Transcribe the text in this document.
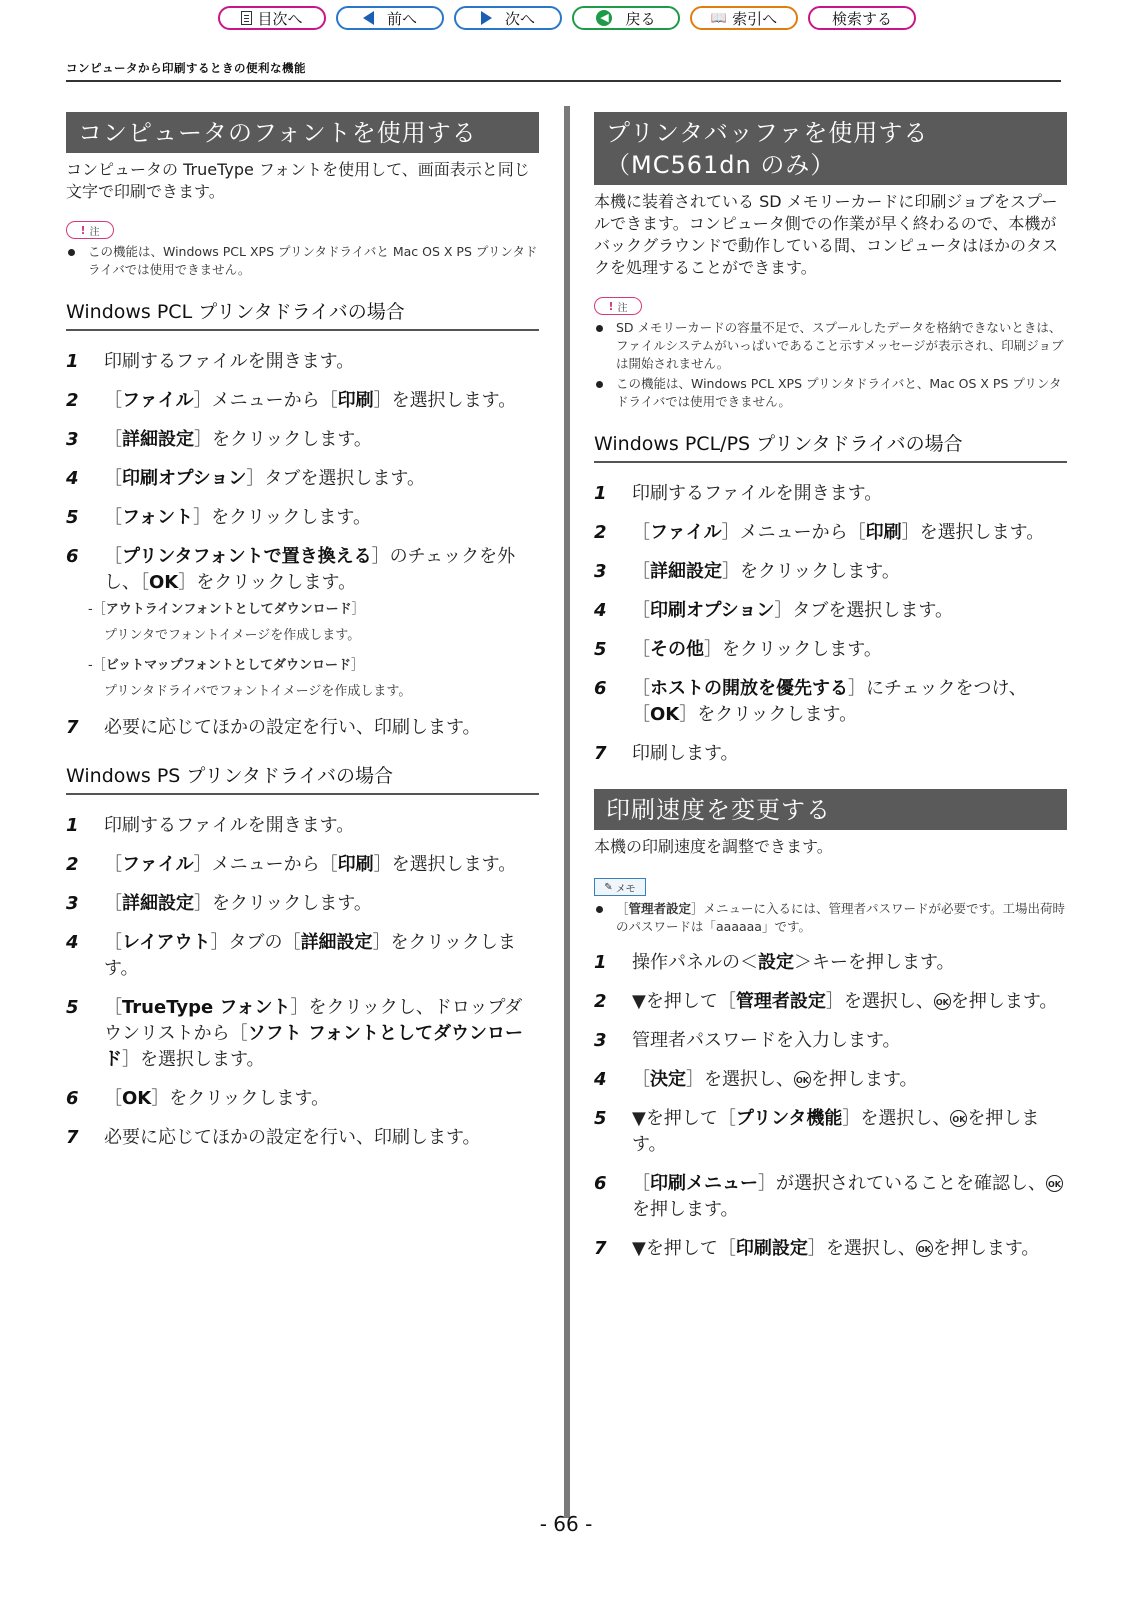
目次へ	前へ	次へ	◀ 戻る	📖 索引へ	検索する
コンピュータから印刷するときの便利な機能
コンピュータのフォントを使用する

コンピュータの TrueType フォントを使用して、画面表示と同じ文字で印刷できます。

! 注
この機能は、Windows PCL XPS プリンタドライバと Mac OS X PS プリンタドライバでは使用できません。
Windows PCL プリンタドライバの場合
1 印刷するファイルを開きます。
2 ［ファイル］メニューから［印刷］を選択します。
3 ［詳細設定］をクリックします。
4 ［印刷オプション］タブを選択します。
5 ［フォント］をクリックします。
6 ［プリンタフォントで置き換える］のチェックを外し、［OK］をクリックします。
-［アウトラインフォントとしてダウンロード］
プリンタでフォントイメージを作成します。
-［ビットマップフォントとしてダウンロード］
プリンタドライバでフォントイメージを作成します。
7 必要に応じてほかの設定を行い、印刷します。
Windows PS プリンタドライバの場合
1 印刷するファイルを開きます。
2 ［ファイル］メニューから［印刷］を選択します。
3 ［詳細設定］をクリックします。
4 ［レイアウト］タブの［詳細設定］をクリックします。
5 ［TrueType フォント］をクリックし、ドロップダウンリストから［ソフト フォントとしてダウンロード］を選択します。
6 ［OK］をクリックします。
7 必要に応じてほかの設定を行い、印刷します。
プリンタバッファを使用する
（MC561dn のみ）

本機に装着されている SD メモリーカードに印刷ジョブをスプールできます。コンピュータ側での作業が早く終わるので、本機がバックグラウンドで動作している間、コンピュータはほかのタスクを処理することができます。

! 注
SD メモリーカードの容量不足で、スプールしたデータを格納できないときは、ファイルシステムがいっぱいであること示すメッセージが表示され、印刷ジョブは開始されません。
この機能は、Windows PCL XPS プリンタドライバと、Mac OS X PS プリンタドライバでは使用できません。
Windows PCL/PS プリンタドライバの場合
1 印刷するファイルを開きます。
2 ［ファイル］メニューから［印刷］を選択します。
3 ［詳細設定］をクリックします。
4 ［印刷オプション］タブを選択します。
5 ［その他］をクリックします。
6 ［ホストの開放を優先する］にチェックをつけ、［OK］をクリックします。
7 印刷します。
印刷速度を変更する

本機の印刷速度を調整できます。

✎ メモ
［管理者設定］メニューに入るには、管理者パスワードが必要です。工場出荷時のパスワードは「aaaaaa」です。
1 操作パネルの＜設定＞キーを押します。
2 ▼を押して［管理者設定］を選択し、 OK を押します。
3 管理者パスワードを入力します。
4 ［決定］を選択し、 OK を押します。
5 ▼を押して［プリンタ機能］を選択し、 OK を押します。
6 ［印刷メニュー］が選択されていることを確認し、 OKを押します。
7 ▼を押して［印刷設定］を選択し、 OK を押します。
- 66 -
